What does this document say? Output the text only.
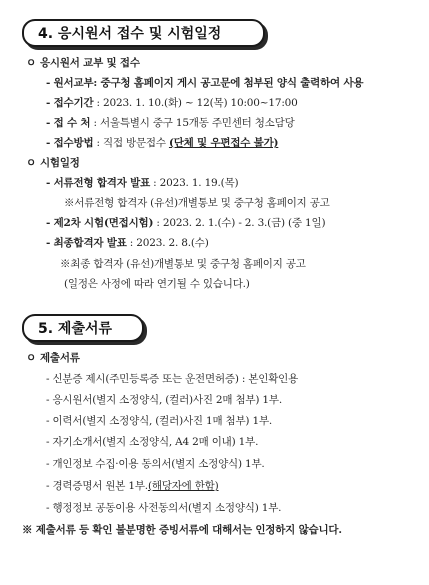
4. 응시원서 접수 및 시험일정
ㅇ 응시원서 교부 및 접수
- 원서교부: 중구청 홈페이지 게시 공고문에 첨부된 양식 출력하여 사용
- 접수기간 : 2023. 1. 10.(화) ~ 12(목) 10:00~17:00
- 접 수 처 : 서울특별시 중구 15개동 주민센터 청소담당
- 접수방법 : 직접 방문접수 (단체 및 우편접수 불가)
ㅇ 시험일정
- 서류전형 합격자 발표 : 2023. 1. 19.(목)
※서류전형 합격자 (유선)개별통보 및 중구청 홈페이지 공고
- 제2차 시험(면접시험) : 2023. 2. 1.(수) - 2. 3.(금) (중 1일)
- 최종합격자 발표 : 2023. 2. 8.(수)
※최종 합격자 (유선)개별통보 및 중구청 홈페이지 공고
(일정은 사정에 따라 연기될 수 있습니다.)
5. 제출서류
ㅇ 제출서류
- 신분증 제시(주민등록증 또는 운전면허증) : 본인확인용
- 응시원서(별지 소정양식, (컬러)사진 2매 첨부) 1부.
- 이력서(별지 소정양식, (컬러)사진 1매 첨부) 1부.
- 자기소개서(별지 소정양식, A4 2매 이내) 1부.
- 개인정보 수집·이용 동의서(별지 소정양식) 1부.
- 경력증명서 원본 1부.(해당자에 한함)
- 행정정보 공동이용 사전동의서(별지 소정양식) 1부.
※ 제출서류 등 확인 불분명한 증빙서류에 대해서는 인정하지 않습니다.
